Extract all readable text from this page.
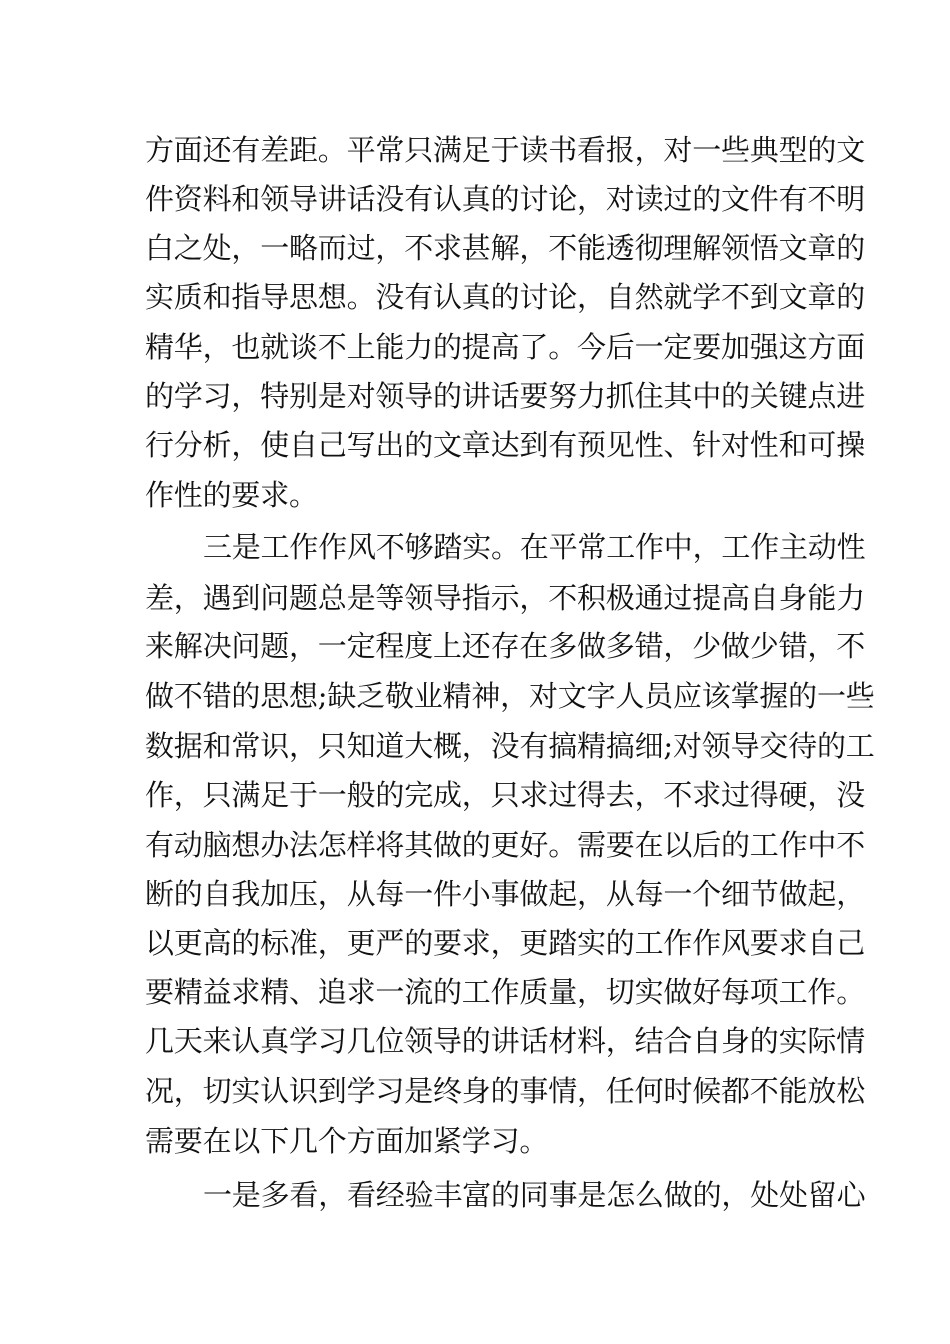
方面还有差距。平常只满足于读书看报，对一些典型的文
件资料和领导讲话没有认真的讨论，对读过的文件有不明
白之处，一略而过，不求甚解，不能透彻理解领悟文章的
实质和指导思想。没有认真的讨论，自然就学不到文章的
精华，也就谈不上能力的提高了。今后一定要加强这方面
的学习，特别是对领导的讲话要努力抓住其中的关键点进
行分析，使自己写出的文章达到有预见性、针对性和可操
作性的要求。
三是工作作风不够踏实。在平常工作中，工作主动性
差，遇到问题总是等领导指示，不积极通过提高自身能力
来解决问题，一定程度上还存在多做多错，少做少错，不
做不错的思想;缺乏敬业精神，对文字人员应该掌握的一些
数据和常识，只知道大概，没有搞精搞细;对领导交待的工
作，只满足于一般的完成，只求过得去，不求过得硬，没
有动脑想办法怎样将其做的更好。需要在以后的工作中不
断的自我加压，从每一件小事做起，从每一个细节做起，
以更高的标准，更严的要求，更踏实的工作作风要求自己
要精益求精、追求一流的工作质量，切实做好每项工作。
几天来认真学习几位领导的讲话材料，结合自身的实际情
况，切实认识到学习是终身的事情，任何时候都不能放松
需要在以下几个方面加紧学习。
一是多看，看经验丰富的同事是怎么做的，处处留心
